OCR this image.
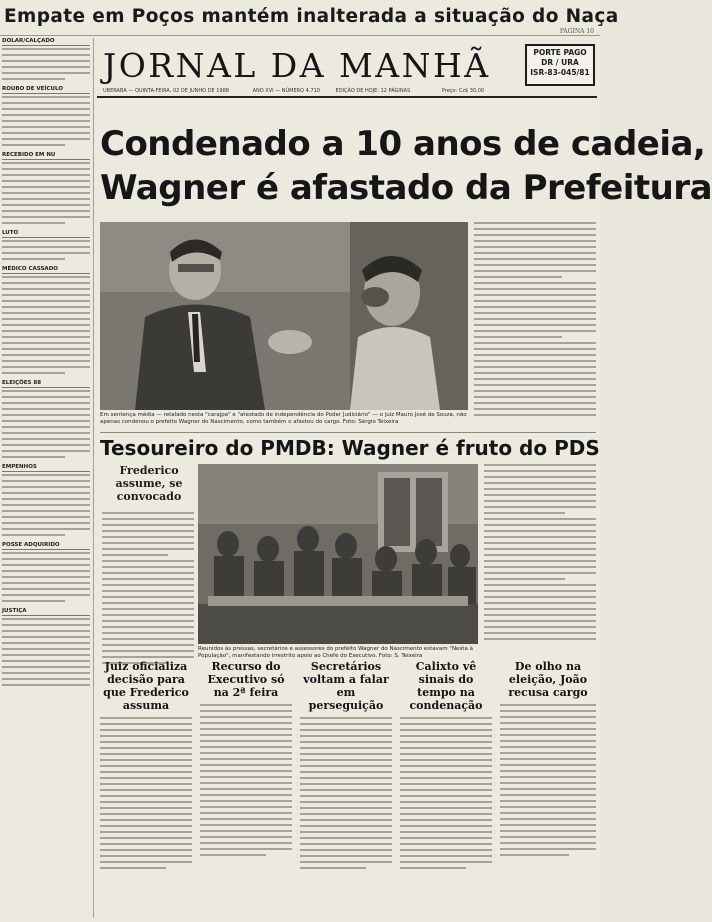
Empate em Poços mantém inalterada a situação do Naça
PÁGINA 10
DOLAR/CALÇADO
ROUBO DE VEÍCULO
RECEBIDO EM NU
LUTO
MÉDICO CASSADO
ELEIÇÕES 88
EMPENHOS
POSSE ADQUIRIDO
JUSTIÇA
JORNAL DA MANHÃ	PORTE PAGO
DR / URA
ISR-83-045/81
UBERABA — QUINTA-FEIRA, 02 DE JUNHO DE 1988	ANO XVI — NÚMERO 4.710	EDIÇÃO DE HOJE: 12 PÁGINAS	Preço: Cz$ 30,00
Condenado a 10 anos de cadeia,
Wagner é afastado da Prefeitura
Em sentença média — retalado nesta "carajpa" e "atestado de independência do Poder Judiciário" — o juiz Mauro José de Souza, não apenas condenou o prefeito Wagner do Nascimento, como também o afastou do cargo. Foto: Sérgio Teixeira
Tesoureiro do PMDB: Wagner é fruto do PDS
Frederico assume, se convocado
Reunidos às pressas, secretários e assessores do prefeito Wagner do Nascimento estavam "Nesta à População", manifestando irrestrito apoio ao Chefe do Executivo. Foto: S. Teixeira
Juiz oficializa decisão para que Frederico assuma
Recurso do Executivo só na 2ª feira
Secretários voltam a falar em perseguição
Calixto vê sinais do tempo na condenação
De olho na eleição, João recusa cargo
